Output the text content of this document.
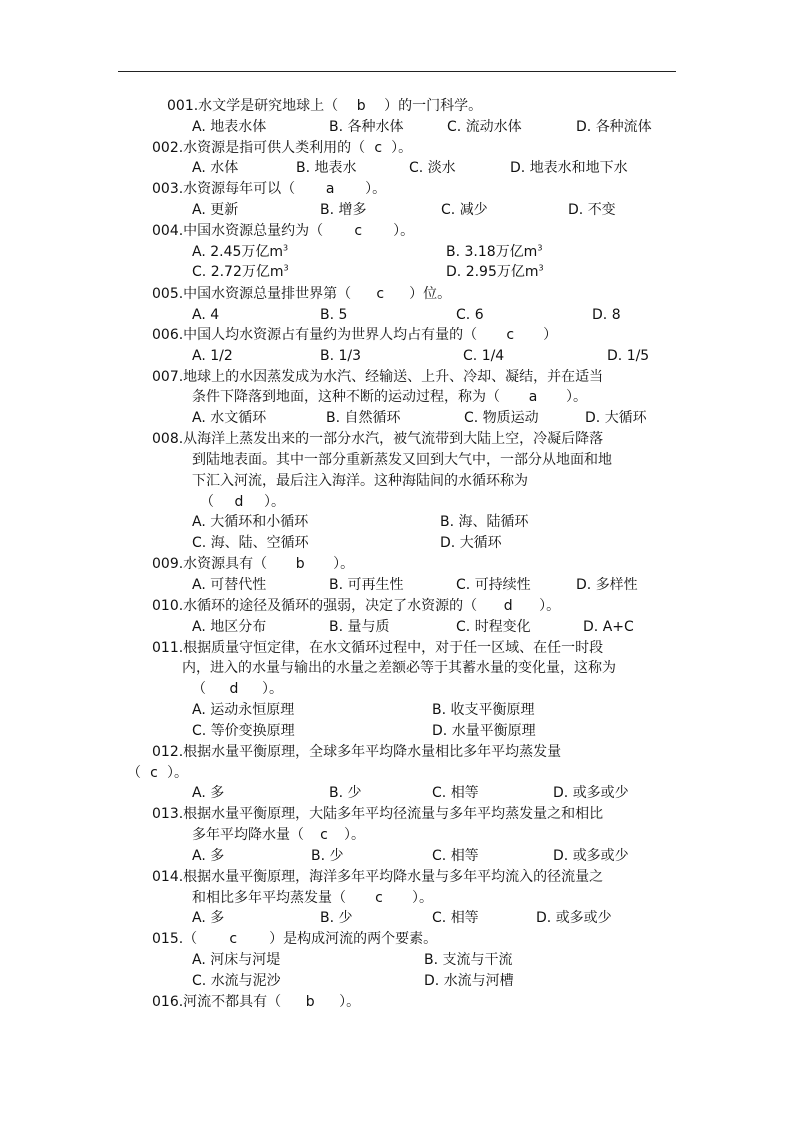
001.水文学是研究地球上（ b ）的一门科学。
A. 地表水体	B. 各种水体	C. 流动水体	D. 各种流体
002.水资源是指可供人类利用的（ c ）。
A. 水体	B. 地表水	C. 淡水	D. 地表水和地下水
003.水资源每年可以（ a ）。
A. 更新	B. 增多	C. 减少	D. 不变
004.中国水资源总量约为（ c ）。
A. 2.45万亿$m^3$	B. 3.18万亿$m^3$
C. 2.72万亿$m^3$	D. 2.95万亿$m^3$
005.中国水资源总量排世界第（ c ）位。
A. 4	B. 5	C. 6	D. 8
006.中国人均水资源占有量约为世界人均占有量的（ c ）
A. 1/2	B. 1/3	C. 1/4	D. 1/5
007.地球上的水因蒸发成为水汽、经输送、上升、冷却、凝结，并在适当
条件下降落到地面，这种不断的运动过程，称为（ a ）。
A. 水文循环	B. 自然循环	C. 物质运动	D. 大循环
008.从海洋上蒸发出来的一部分水汽，被气流带到大陆上空，冷凝后降落
到陆地表面。其中一部分重新蒸发又回到大气中，一部分从地面和地
下汇入河流，最后注入海洋。这种海陆间的水循环称为
（ d ）。
A. 大循环和小循环	B. 海、陆循环
C. 海、陆、空循环	D. 大循环
009.水资源具有（ b ）。
A. 可替代性	B. 可再生性	C. 可持续性	D. 多样性
010.水循环的途径及循环的强弱，决定了水资源的（ d ）。
A. 地区分布	B. 量与质	C. 时程变化	D. A+C
011.根据质量守恒定律，在水文循环过程中，对于任一区域、在任一时段
内，进入的水量与输出的水量之差额必等于其蓄水量的变化量，这称为
（ d ）。
A. 运动永恒原理	B. 收支平衡原理
C. 等价变换原理	D. 水量平衡原理
012.根据水量平衡原理，全球多年平均降水量相比多年平均蒸发量
（ c ）。
A. 多	B. 少	C. 相等	D. 或多或少
013.根据水量平衡原理，大陆多年平均径流量与多年平均蒸发量之和相比
多年平均降水量（ c ）。
A. 多	B. 少	C. 相等	D. 或多或少
014.根据水量平衡原理，海洋多年平均降水量与多年平均流入的径流量之
和相比多年平均蒸发量（ c ）。
A. 多	B. 少	C. 相等	D. 或多或少
015.（ c ）是构成河流的两个要素。
A. 河床与河堤	B. 支流与干流
C. 水流与泥沙	D. 水流与河槽
016.河流不都具有（ b ）。
